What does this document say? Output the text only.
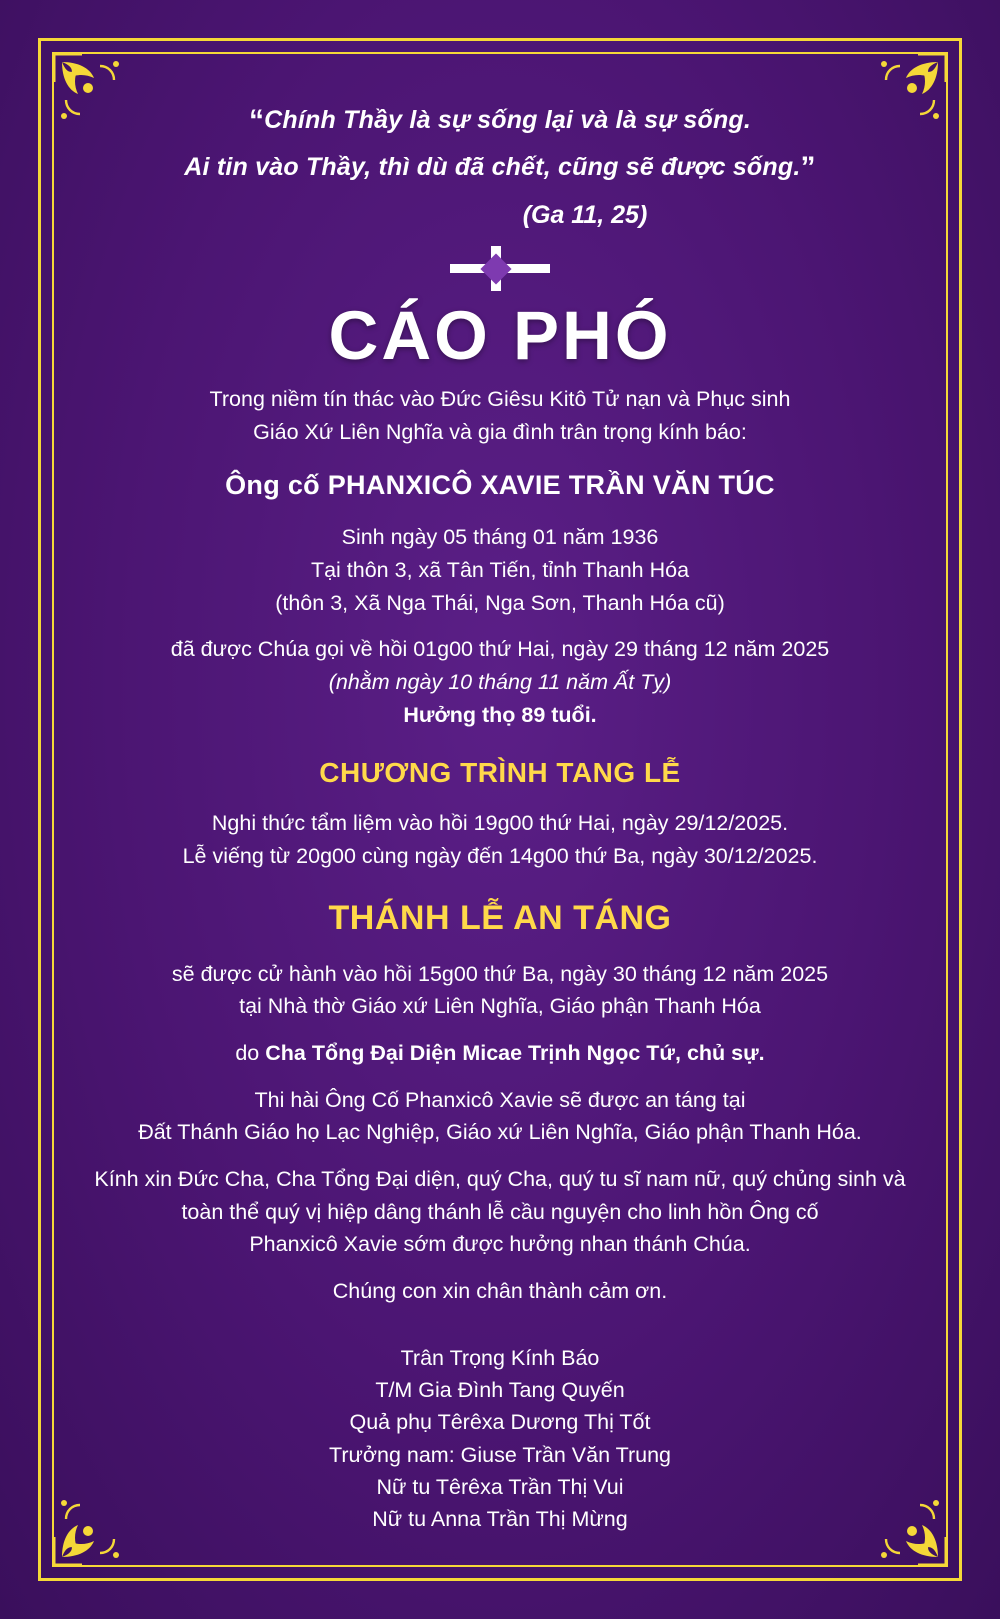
“Chính Thầy là sự sống lại và là sự sống.
Ai tin vào Thầy, thì dù đã chết, cũng sẽ được sống.”
(Ga 11, 25)
CÁO PHÓ
Trong niềm tín thác vào Đức Giêsu Kitô Tử nạn và Phục sinh
Giáo Xứ Liên Nghĩa và gia đình trân trọng kính báo:
Ông cố PHANXICÔ XAVIE TRẦN VĂN TÚC
Sinh ngày 05 tháng 01 năm 1936
Tại thôn 3, xã Tân Tiến, tỉnh Thanh Hóa
(thôn 3, Xã Nga Thái, Nga Sơn, Thanh Hóa cũ)
đã được Chúa gọi về hồi 01g00 thứ Hai, ngày 29 tháng 12 năm 2025
(nhằm ngày 10 tháng 11 năm Ất Tỵ)
Hưởng thọ 89 tuổi.
CHƯƠNG TRÌNH TANG LỄ
Nghi thức tẩm liệm vào hồi 19g00 thứ Hai, ngày 29/12/2025.
Lễ viếng từ 20g00 cùng ngày đến 14g00 thứ Ba, ngày 30/12/2025.
THÁNH LỄ AN TÁNG
sẽ được cử hành vào hồi 15g00 thứ Ba, ngày 30 tháng 12 năm 2025
tại Nhà thờ Giáo xứ Liên Nghĩa, Giáo phận Thanh Hóa
do Cha Tổng Đại Diện Micae Trịnh Ngọc Tứ, chủ sự.
Thi hài Ông Cố Phanxicô Xavie sẽ được an táng tại
Đất Thánh Giáo họ Lạc Nghiệp, Giáo xứ Liên Nghĩa, Giáo phận Thanh Hóa.
Kính xin Đức Cha, Cha Tổng Đại diện, quý Cha, quý tu sĩ nam nữ, quý chủng sinh và
toàn thể quý vị hiệp dâng thánh lễ cầu nguyện cho linh hồn Ông cố
Phanxicô Xavie sớm được hưởng nhan thánh Chúa.
Chúng con xin chân thành cảm ơn.
Trân Trọng Kính Báo
T/M Gia Đình Tang Quyến
Quả phụ Têrêxa Dương Thị Tốt
Trưởng nam: Giuse Trần Văn Trung
Nữ tu Têrêxa Trần Thị Vui
Nữ tu Anna Trần Thị Mừng
